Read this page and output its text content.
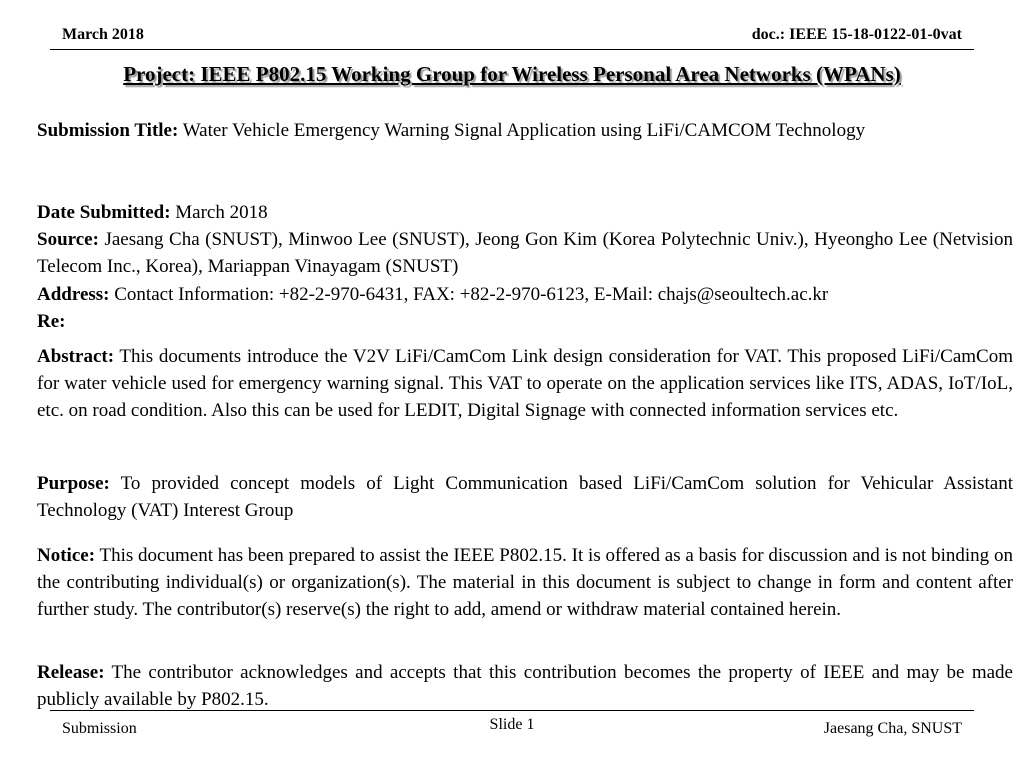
March 2018	doc.: IEEE 15-18-0122-01-0vat
Project: IEEE P802.15 Working Group for Wireless Personal Area Networks (WPANs)
Submission Title: Water Vehicle Emergency Warning Signal Application using LiFi/CAMCOM Technology
Date Submitted: March 2018
Source: Jaesang Cha (SNUST), Minwoo Lee (SNUST), Jeong Gon Kim (Korea Polytechnic Univ.), Hyeongho Lee (Netvision Telecom Inc., Korea), Mariappan Vinayagam (SNUST)
Address: Contact Information: +82-2-970-6431, FAX: +82-2-970-6123, E-Mail: chajs@seoultech.ac.kr
Re:
Abstract: This documents introduce the V2V LiFi/CamCom Link design consideration for VAT. This proposed LiFi/CamCom for water vehicle used for emergency warning signal. This VAT to operate on the application services like ITS, ADAS, IoT/IoL, etc. on road condition. Also this can be used for LEDIT, Digital Signage with connected information services etc.
Purpose: To provided concept models of Light Communication based LiFi/CamCom solution for Vehicular Assistant Technology (VAT) Interest Group
Notice: This document has been prepared to assist the IEEE P802.15. It is offered as a basis for discussion and is not binding on the contributing individual(s) or organization(s). The material in this document is subject to change in form and content after further study. The contributor(s) reserve(s) the right to add, amend or withdraw material contained herein.
Release: The contributor acknowledges and accepts that this contribution becomes the property of IEEE and may be made publicly available by P802.15.
Submission	Slide 1	Jaesang Cha, SNUST
